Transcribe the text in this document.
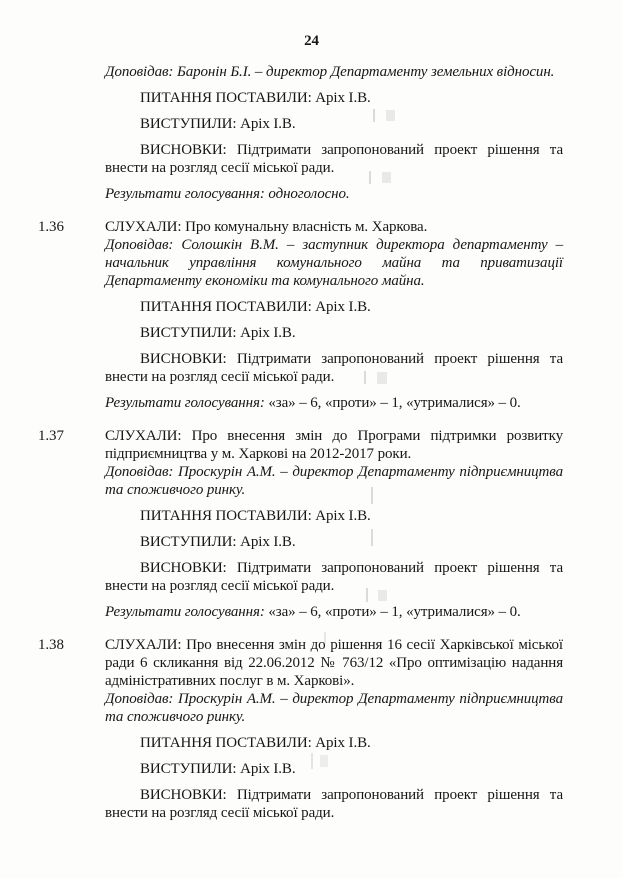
24

Доповідав: Баронін Б.І. – директор Департаменту земельних відносин.

ПИТАННЯ ПОСТАВИЛИ: Аріх І.В.

ВИСТУПИЛИ: Аріх І.В.

ВИСНОВКИ: Підтримати запропонований проект рішення та внести на розгляд сесії міської ради.

Результати голосування: одноголосно.

1.36	СЛУХАЛИ: Про комунальну власність м. Харкова.

Доповідав: Солошкін В.М. – заступник директора департаменту – начальник управління комунального майна та приватизації Департаменту економіки та комунального майна.

ПИТАННЯ ПОСТАВИЛИ: Аріх І.В.

ВИСТУПИЛИ: Аріх І.В.

ВИСНОВКИ: Підтримати запропонований проект рішення та внести на розгляд сесії міської ради.

Результати голосування: «за» – 6, «проти» – 1, «утрималися» – 0.

1.37	СЛУХАЛИ: Про внесення змін до Програми підтримки розвитку підприємництва у м. Харкові на 2012-2017 роки.

Доповідав: Проскурін А.М. – директор Департаменту підприємництва та споживчого ринку.

ПИТАННЯ ПОСТАВИЛИ: Аріх І.В.

ВИСТУПИЛИ: Аріх І.В.

ВИСНОВКИ: Підтримати запропонований проект рішення та внести на розгляд сесії міської ради.

Результати голосування: «за» – 6, «проти» – 1, «утрималися» – 0.

1.38	СЛУХАЛИ: Про внесення змін до рішення 16 сесії Харківської міської ради 6 скликання від 22.06.2012 № 763/12 «Про оптимізацію надання адміністративних послуг в м. Харкові».

Доповідав: Проскурін А.М. – директор Департаменту підприємництва та споживчого ринку.

ПИТАННЯ ПОСТАВИЛИ: Аріх І.В.

ВИСТУПИЛИ: Аріх І.В.

ВИСНОВКИ: Підтримати запропонований проект рішення та внести на розгляд сесії міської ради.
